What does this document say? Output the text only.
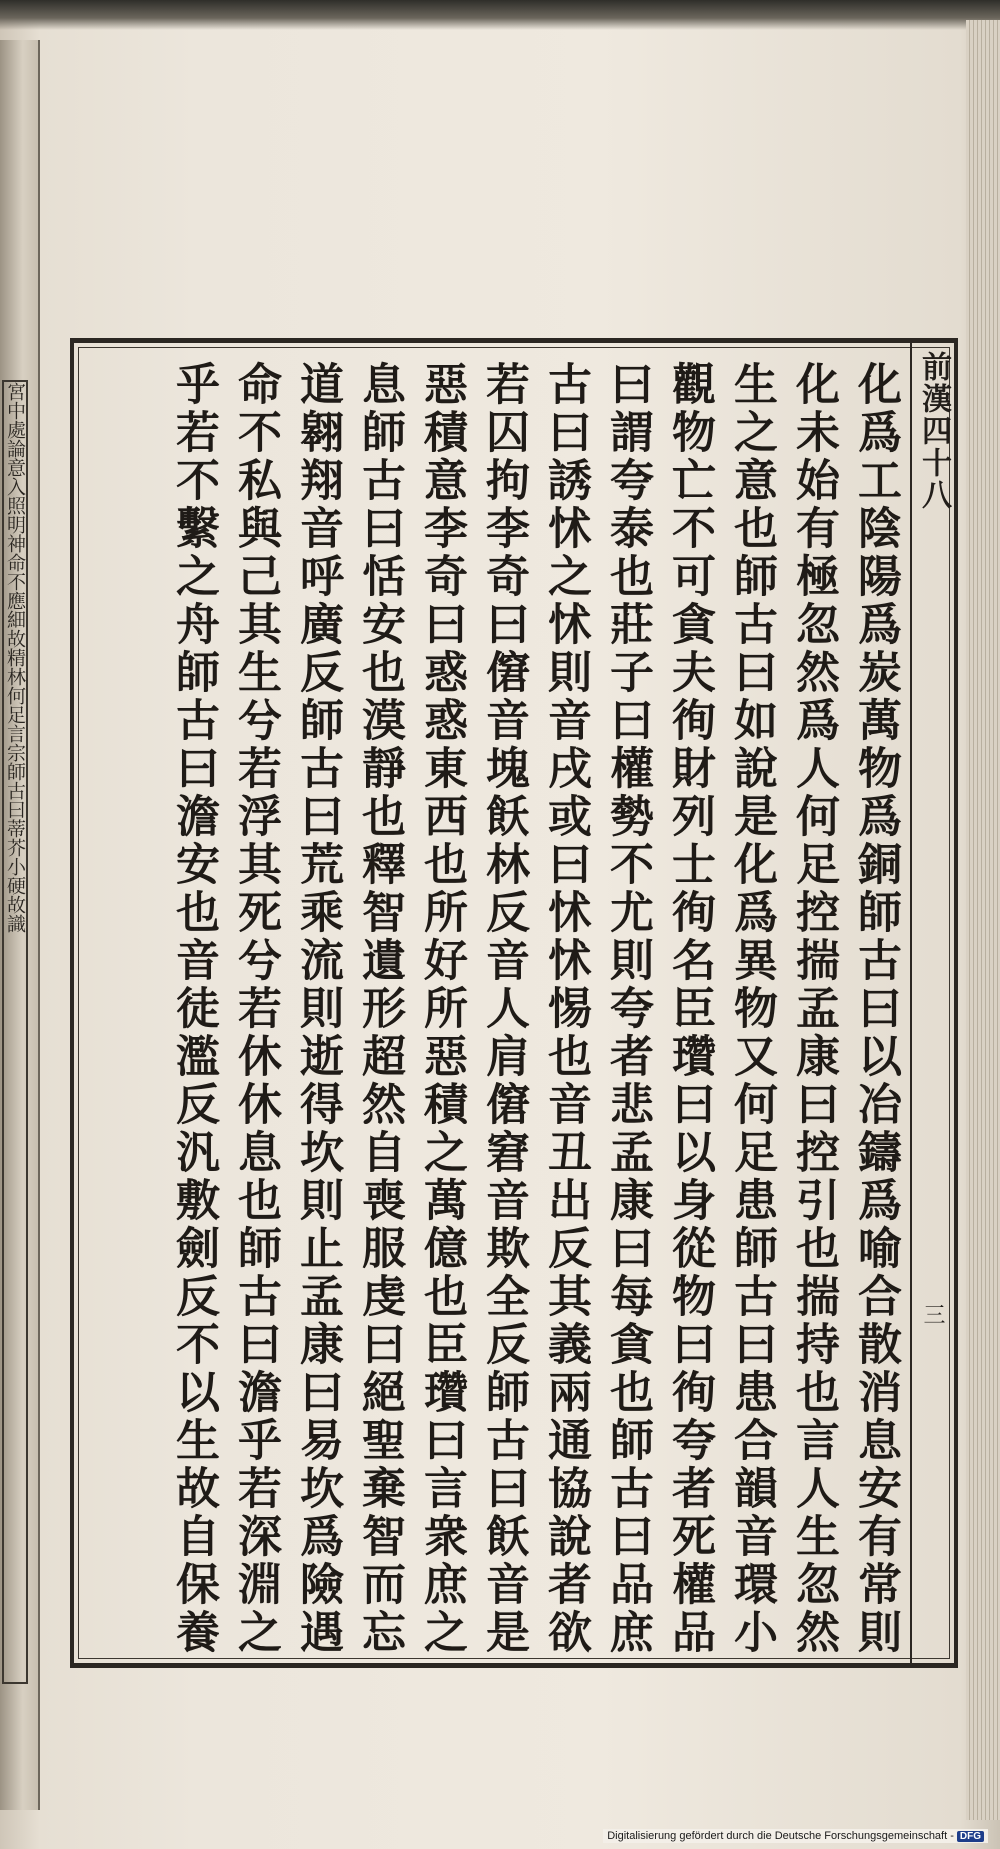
宮中處論意入照明神命不應細故精林何足言宗師古曰蒂芥小硬故識	前漢四十八
三
化爲工陰陽爲炭萬物爲銅師古曰以冶鑄爲喻合散消息安有常則
化未始有極忽然爲人何足控揣孟康曰控引也揣持也言人生忽然
生之意也師古曰如說是化爲異物又何足患師古曰患合韻音環小
觀物亡不可貪夫徇財列士徇名臣瓚曰以身從物曰徇夸者死權品
曰謂夸泰也莊子曰權勢不尤則夸者悲孟康曰每貪也師古曰品庶
古曰誘怵之怵則音戌或曰怵怵惕也音丑出反其義兩通協說者欲
若囚拘李奇曰僒音塊飫林反音人肩僒窘音欺全反師古曰飫音是
惡積意李奇曰惑惑東西也所好所惡積之萬億也臣瓚曰言衆庶之
息師古曰恬安也漠靜也釋智遺形超然自喪服虔曰絕聖棄智而忘
道翱翔音呼廣反師古曰荒乘流則逝得坎則止孟康曰易坎爲險遇
命不私與己其生兮若浮其死兮若休休息也師古曰澹乎若深淵之
乎若不繫之舟師古曰澹安也音徒濫反汎敷劍反不以生故自保養
Digitalisierung gefördert durch die Deutsche Forschungsgemeinschaft - DFG
